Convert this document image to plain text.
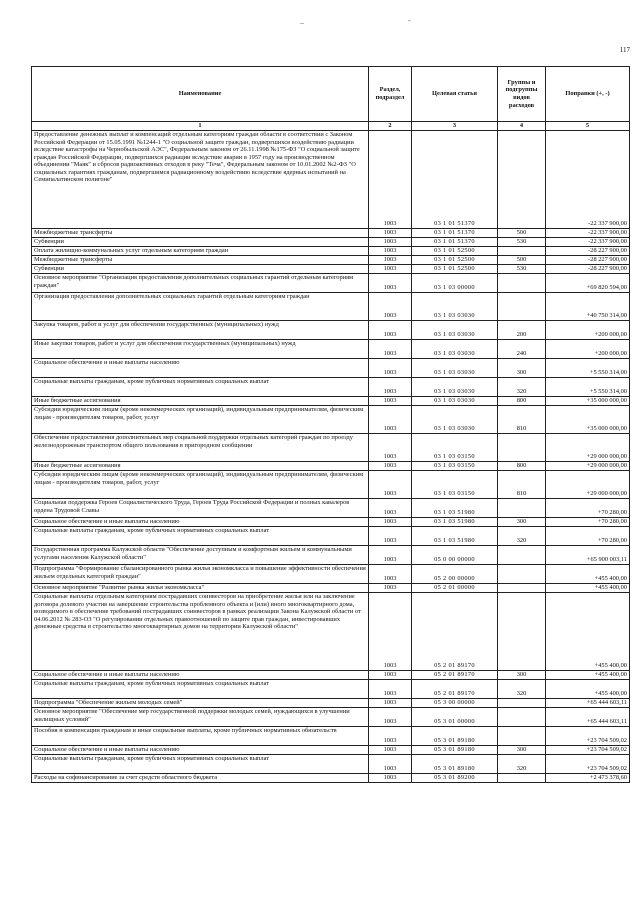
_	-
117
Наименование	Раздел, подраздел	Целевая статья	Группы и подгруппы видов расходов	Поправки (+, -)
1	2	3	4	5
Предоставление денежных выплат и компенсаций отдельным категориям граждан области в соответствии с Законом Российской Федерации от 15.05.1991 №1244-1 "О социальной защите граждан, подвергшихся воздействию радиации вследствие катастрофы на Чернобыльской АЭС", Федеральным законом от 26.11.1998 №175-ФЗ "О социальной защите граждан Российской Федерации, подвергшихся радиации вследствие аварии в 1957 году на производственном объединении "Маяк" и сбросов радиоактивных отходов в реку "Теча", Федеральным законом от 10.01.2002 №2-ФЗ "О социальных гарантиях гражданам, подвергшимся радиационному воздействию вследствие ядерных испытаний на Семипалатинском полигоне"	1003	03 1 01 51370		-22 337 900,00
Межбюджетные трансферты	1003	03 1 01 51370	500	-22 337 900,00
Субвенции	1003	03 1 01 51370	530	-22 337 900,00
Оплата жилищно-коммунальных услуг отдельным категориям граждан	1003	03 1 01 52500		-28 227 900,00
Межбюджетные трансферты	1003	03 1 01 52500	500	-28 227 900,00
Субвенции	1003	03 1 01 52500	530	-28 227 900,00
Основное мероприятие "Организация предоставления дополнительных социальных гарантий отдельным категориям граждан"	1003	03 1 03 00000		+69 820 594,00
Организация предоставления дополнительных социальных гарантий отдельным категориям граждан	1003	03 1 03 03030		+40 750 314,00
Закупка товаров, работ и услуг для обеспечения государственных (муниципальных) нужд	1003	03 1 03 03030	200	+200 000,00
Иные закупки товаров, работ и услуг для обеспечения государственных (муниципальных) нужд	1003	03 1 03 03030	240	+200 000,00
Социальное обеспечение и иные выплаты населению	1003	03 1 03 03030	300	+5 550 314,00
Социальные выплаты гражданам, кроме публичных нормативных социальных выплат	1003	03 1 03 03030	320	+5 550 314,00
Иные бюджетные ассигнования	1003	03 1 03 03030	800	+35 000 000,00
Субсидии юридическим лицам (кроме некоммерческих организаций), индивидуальным предпринимателям, физическим лицам - производителям товаров, работ, услуг	1003	03 1 03 03030	810	+35 000 000,00
Обеспечение предоставления дополнительных мер социальной поддержки отдельных категорий граждан по проезду железнодорожным транспортом общего пользования в пригородном сообщении	1003	03 1 03 03150		+29 000 000,00
Иные бюджетные ассигнования	1003	03 1 03 03150	800	+29 000 000,00
Субсидии юридическим лицам (кроме некоммерческих организаций), индивидуальным предпринимателям, физическим лицам - производителям товаров, работ, услуг	1003	03 1 03 03150	810	+29 000 000,00
Социальная поддержка Героев Социалистического Труда, Героев Труда Российской Федерации и полных кавалеров ордена Трудовой Славы	1003	03 1 03 51980		+70 280,00
Социальное обеспечение и иные выплаты населению	1003	03 1 03 51980	300	+70 280,00
Социальные выплаты гражданам, кроме публичных нормативных социальных выплат	1003	03 1 03 51980	320	+70 280,00
Государственная программа Калужской области "Обеспечение доступным и комфортным жильем и коммунальными услугами населения Калужской области"	1003	05 0 00 00000		+65 900 003,11
Подпрограмма "Формирование сбалансированного рынка жилья экономкласса и повышение эффективности обеспечения жильем отдельных категорий граждан"	1003	05 2 00 00000		+455 400,00
Основное мероприятие "Развитие рынка жилья экономкласса"	1003	05 2 01 00000		+455 400,00
Социальные выплаты отдельным категориям пострадавших соинвесторов на приобретение жилья или на заключение договора долевого участия на завершение строительства проблемного объекта и (или) иного многоквартирного дома, возводимого в обеспечение требований пострадавших соинвесторов в рамках реализации Закона Калужской области от 04.06.2012 № 283-ОЗ "О регулировании отдельных правоотношений по защите прав граждан, инвестировавших денежные средства в строительство многоквартирных домов на территории Калужской области"	1003	05 2 01 89170		+455 400,00
Социальное обеспечение и иные выплаты населению	1003	05 2 01 89170	300	+455 400,00
Социальные выплаты гражданам, кроме публичных нормативных социальных выплат	1003	05 2 01 89170	320	+455 400,00
Подпрограмма "Обеспечение жильем молодых семей"	1003	05 3 00 00000		+65 444 603,11
Основное мероприятие "Обеспечение мер государственной поддержки молодых семей, нуждающихся в улучшении жилищных условий"	1003	05 3 01 00000		+65 444 603,11
Пособия и компенсации гражданам и иные социальные выплаты, кроме публичных нормативных обязательств	1003	05 3 01 89180		+23 704 509,02
Социальное обеспечение и иные выплаты населению	1003	05 3 01 89180	300	+23 704 509,02
Социальные выплаты гражданам, кроме публичных нормативных социальных выплат	1003	05 3 01 89180	320	+23 704 509,02
Расходы на софинансирование за счет средств областного бюджета	1003	05 3 01 89200		+2 473 378,60
